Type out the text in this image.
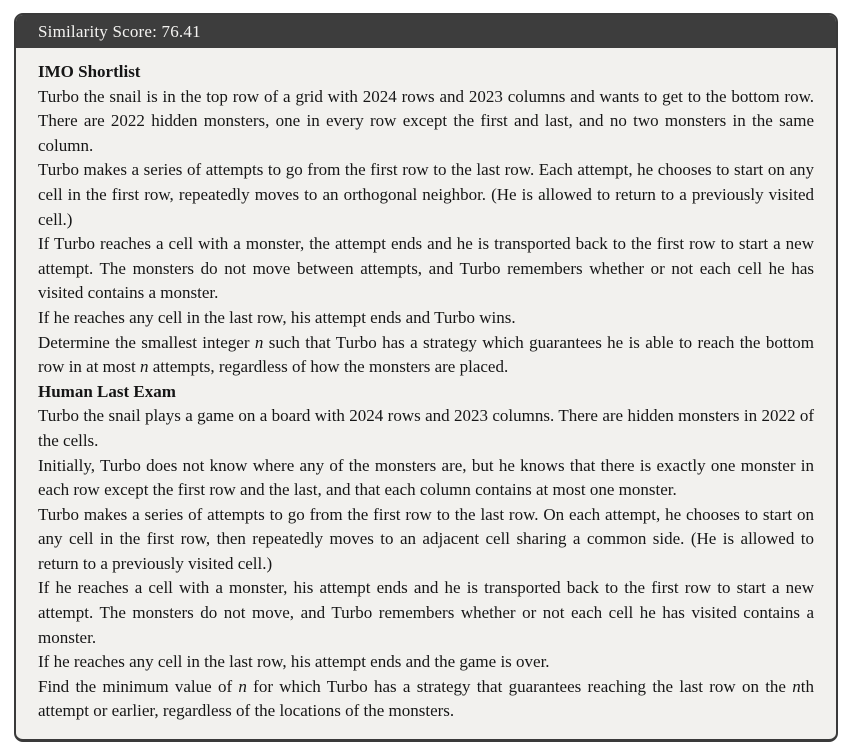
Similarity Score: 76.41
IMO Shortlist

Turbo the snail is in the top row of a grid with 2024 rows and 2023 columns and wants to get to the bottom row. There are 2022 hidden monsters, one in every row except the first and last, and no two monsters in the same column.

Turbo makes a series of attempts to go from the first row to the last row. Each attempt, he chooses to start on any cell in the first row, repeatedly moves to an orthogonal neighbor. (He is allowed to return to a previously visited cell.)

If Turbo reaches a cell with a monster, the attempt ends and he is transported back to the first row to start a new attempt. The monsters do not move between attempts, and Turbo remembers whether or not each cell he has visited contains a monster.

If he reaches any cell in the last row, his attempt ends and Turbo wins.

Determine the smallest integer n such that Turbo has a strategy which guarantees he is able to reach the bottom row in at most n attempts, regardless of how the monsters are placed.

Human Last Exam

Turbo the snail plays a game on a board with 2024 rows and 2023 columns. There are hidden monsters in 2022 of the cells.

Initially, Turbo does not know where any of the monsters are, but he knows that there is exactly one monster in each row except the first row and the last, and that each column contains at most one monster.

Turbo makes a series of attempts to go from the first row to the last row. On each attempt, he chooses to start on any cell in the first row, then repeatedly moves to an adjacent cell sharing a common side. (He is allowed to return to a previously visited cell.)

If he reaches a cell with a monster, his attempt ends and he is transported back to the first row to start a new attempt. The monsters do not move, and Turbo remembers whether or not each cell he has visited contains a monster.

If he reaches any cell in the last row, his attempt ends and the game is over.

Find the minimum value of n for which Turbo has a strategy that guarantees reaching the last row on the nth attempt or earlier, regardless of the locations of the monsters.
